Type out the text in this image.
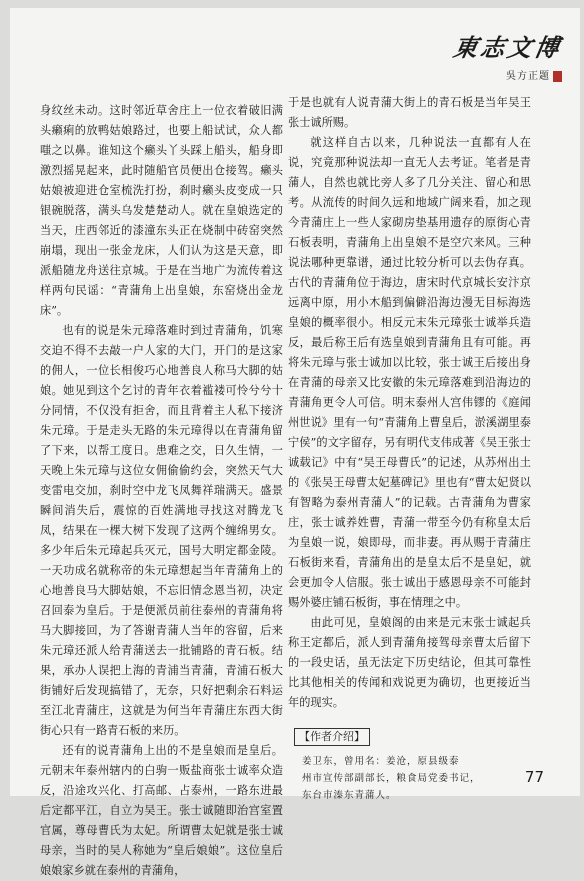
東志文博
吳方正题

身纹丝未动。这时邻近草舍庄上一位衣着破旧满头癞痢的放鸭姑娘路过，也要上船试试，众人都嗤之以鼻。谁知这个癞头丫头踩上船头，船身即激烈摇晃起来，此时随船官员便出仓接驾。癞头姑娘被迎进仓室梳洗打扮，刹时癞头皮变成一只银碗脱落，满头乌发楚楚动人。就在皇娘选定的当天，庄西邻近的漆潼东头正在烧制中砖窑突然崩塌，现出一张金龙床，人们认为这是天意，即派船随龙舟送往京城。于是在当地广为流传着这样两句民谣：“青蒲角上出皇娘，东窑烧出金龙床”。

也有的说是朱元璋落难时到过青蒲角，饥寒交迫不得不去敲一户人家的大门，开门的是这家的佣人，一位长相俊巧心地善良人称马大脚的姑娘。她见到这个乞讨的青年衣着褴褛可怜兮兮十分同情，不仅没有拒舍，而且背着主人私下接济朱元璋。于是走头无路的朱元璋得以在青蒲角留了下来，以帮工度日。患难之交，日久生情，一天晚上朱元璋与这位女佣偷偷约会，突然天气大变雷电交加，刹时空中龙飞凤舞祥瑞满天。盛景瞬间消失后，震惊的百姓满地寻找这对腾龙飞凤，结果在一棵大树下发现了这两个缠绵男女。多少年后朱元璋起兵灭元，国号大明定都金陵。一天功成名就称帝的朱元璋想起当年青蒲角上的心地善良马大脚姑娘，不忘旧情念恩当初，决定召回泰为皇后。于是便派员前往泰州的青蒲角将马大脚接回，为了答谢青蒲人当年的容留，后来朱元璋还派人给青蒲送去一批铺路的青石板。结果，承办人误把上海的青浦当青蒲，青浦石板大街铺好后发现搞错了，无奈，只好把剩余石料运至江北青蒲庄，这就是为何当年青蒲庄东西大街街心只有一路青石板的来历。

还有的说青蒲角上出的不是皇娘而是皇后。元朝末年泰州辖内的白驹一贩盐商张士诚率众造反，沿途攻兴化、打高邮、占泰州，一路东进最后定都平江，自立为吴王。张士诚随即治宫室置官属，尊母曹氏为太妃。所谓曹太妃就是张士诚母亲，当时的吴人称她为“皇后娘娘”。这位皇后娘娘家乡就在泰州的青蒲角，

于是也就有人说青蒲大街上的青石板是当年吴王张士诚所赐。

就这样自古以来，几种说法一直都有人在说，究竟那种说法却一直无人去考证。笔者是青蒲人，自然也就比旁人多了几分关注、留心和思考。从流传的时间久远和地域广阔来看，加之现今青蒲庄上一些人家砌房垫基用遗存的原街心青石板表明，青蒲角上出皇娘不是空穴来风。三种说法哪种更靠谱，通过比较分析可以去伪存真。古代的青蒲角位于海边，唐宋时代京城长安汴京远离中原，用小木船到偏僻沿海边漫无目标海选皇娘的概率很小。相反元末朱元璋张士诚举兵造反，最后称王后有选皇娘到青蒲角且有可能。再将朱元璋与张士诚加以比较，张士诚王后接出身在青蒲的母亲又比安徽的朱元璋落难到沿海边的青蒲角更令人可信。明末泰州人宫伟镠的《庭闻州世说》里有一句“青蒲角上曹皇后，淤溪湖里泰宁侯”的文字留存，另有明代支伟成著《吴王张士诚载记》中有“吴王母曹氏”的记述，从苏州出土的《张吴王母曹太妃墓碑记》里也有“曹太妃贤以有智略为泰州青蒲人”的记载。古青蒲角为曹家庄，张士诚养姓曹，青蒲一带至今仍有称皇太后为皇娘一说，娘即母，而非妻。再从赐于青蒲庄石板街来看，青蒲角出的是皇太后不是皇妃，就会更加令人信服。张士诚出于感恩母亲不可能封赐外婆庄铺石板街，事在情理之中。

由此可见，皇娘阁的由来是元末张士诚起兵称王定都后，派人到青蒲角接驾母亲曹太后留下的一段史话，虽无法定下历史结论，但其可靠性比其他相关的传闻和戏说更为确切，也更接近当年的现实。

【作者介绍】
姜卫东，曾用名：姜沧，原县级泰
州市宣传部副部长，粮食局党委书记，
东台市溱东青蒲人。
77
